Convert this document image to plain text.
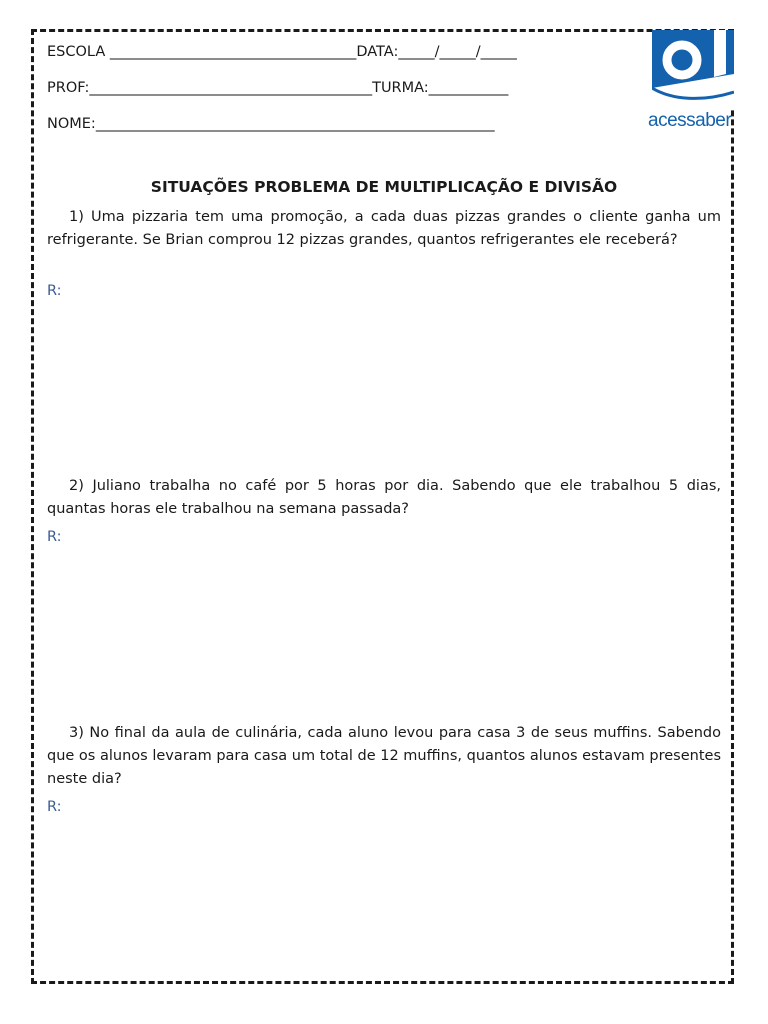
ESCOLA __________________________________DATA:_____/_____/_____
PROF:_______________________________________TURMA:___________
NOME:_______________________________________________________	acessaber
SITUAÇÕES PROBLEMA DE MULTIPLICAÇÃO E DIVISÃO
1) Uma pizzaria tem uma promoção, a cada duas pizzas grandes o cliente ganha um refrigerante. Se Brian comprou 12 pizzas grandes, quantos refrigerantes ele receberá?
R:
2) Juliano trabalha no café por 5 horas por dia. Sabendo que ele trabalhou 5 dias, quantas horas ele trabalhou na semana passada?
R:
3) No final da aula de culinária, cada aluno levou para casa 3 de seus muffins. Sabendo que os alunos levaram para casa um total de 12 muffins, quantos alunos estavam presentes neste dia?
R:
